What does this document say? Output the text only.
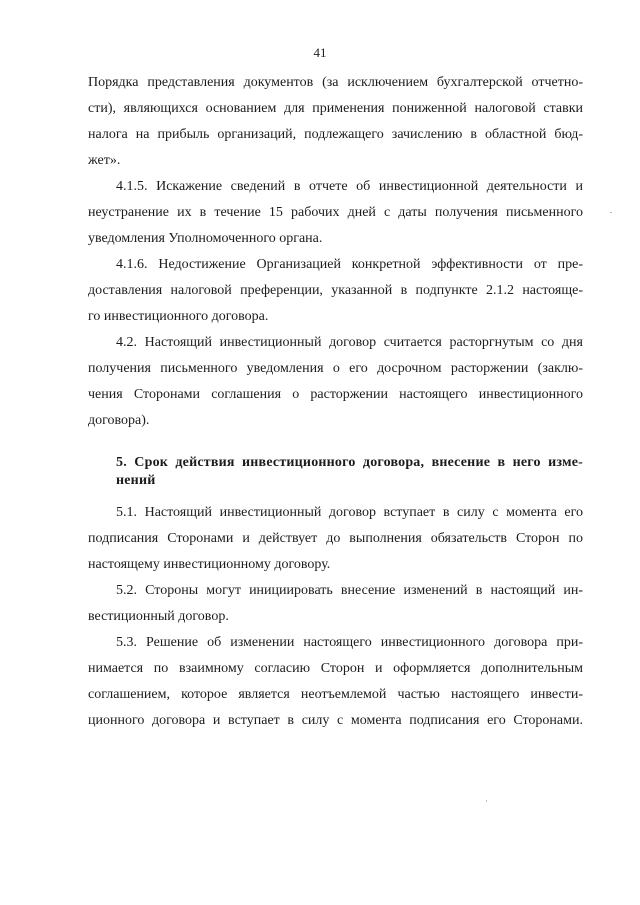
41
Порядка представления документов (за исключением бухгалтерской отчетно-
сти), являющихся основанием для применения пониженной налоговой ставки
налога на прибыль организаций, подлежащего зачислению в областной бюд-
жет».
4.1.5. Искажение сведений в отчете об инвестиционной деятельности и
неустранение их в течение 15 рабочих дней с даты получения письменного
уведомления Уполномоченного органа.
4.1.6. Недостижение Организацией конкретной эффективности от пре-
доставления налоговой преференции, указанной в подпункте 2.1.2 настояще-
го инвестиционного договора.
4.2. Настоящий инвестиционный договор считается расторгнутым со дня
получения письменного уведомления о его досрочном расторжении (заклю-
чения Сторонами соглашения о расторжении настоящего инвестиционного
договора).
5. Срок действия инвестиционного договора, внесение в него изме-
нений
5.1. Настоящий инвестиционный договор вступает в силу с момента его
подписания Сторонами и действует до выполнения обязательств Сторон по
настоящему инвестиционному договору.
5.2. Стороны могут инициировать внесение изменений в настоящий ин-
вестиционный договор.
5.3. Решение об изменении настоящего инвестиционного договора при-
нимается по взаимному согласию Сторон и оформляется дополнительным
соглашением, которое является неотъемлемой частью настоящего инвести-
ционного договора и вступает в силу с момента подписания его Сторонами.
